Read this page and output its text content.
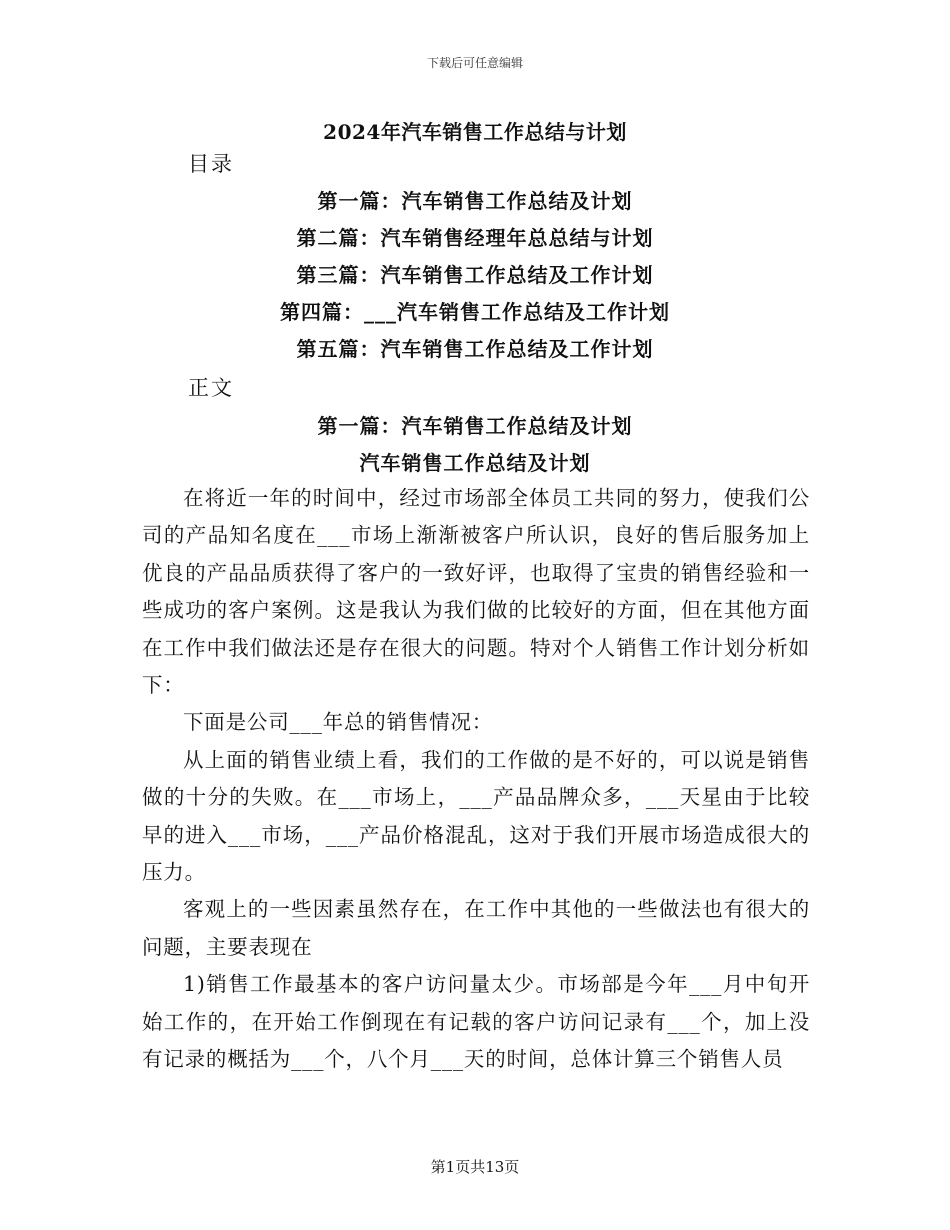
下载后可任意编辑
2024年汽车销售工作总结与计划
目录
第一篇：汽车销售工作总结及计划
第二篇：汽车销售经理年总总结与计划
第三篇：汽车销售工作总结及工作计划
第四篇：___汽车销售工作总结及工作计划
第五篇：汽车销售工作总结及工作计划
正文
第一篇：汽车销售工作总结及计划
汽车销售工作总结及计划

在将近一年的时间中，经过市场部全体员工共同的努力，使我们公司的产品知名度在___市场上渐渐被客户所认识，良好的售后服务加上优良的产品品质获得了客户的一致好评，也取得了宝贵的销售经验和一些成功的客户案例。这是我认为我们做的比较好的方面，但在其他方面在工作中我们做法还是存在很大的问题。特对个人销售工作计划分析如下：

下面是公司___年总的销售情况：

从上面的销售业绩上看，我们的工作做的是不好的，可以说是销售做的十分的失败。在___市场上，___产品品牌众多，___天星由于比较早的进入___市场，___产品价格混乱，这对于我们开展市场造成很大的压力。

客观上的一些因素虽然存在，在工作中其他的一些做法也有很大的问题，主要表现在

1)销售工作最基本的客户访问量太少。市场部是今年___月中旬开始工作的，在开始工作倒现在有记载的客户访问记录有___个，加上没有记录的概括为___个，八个月___天的时间，总体计算三个销售人员

第1页共13页
